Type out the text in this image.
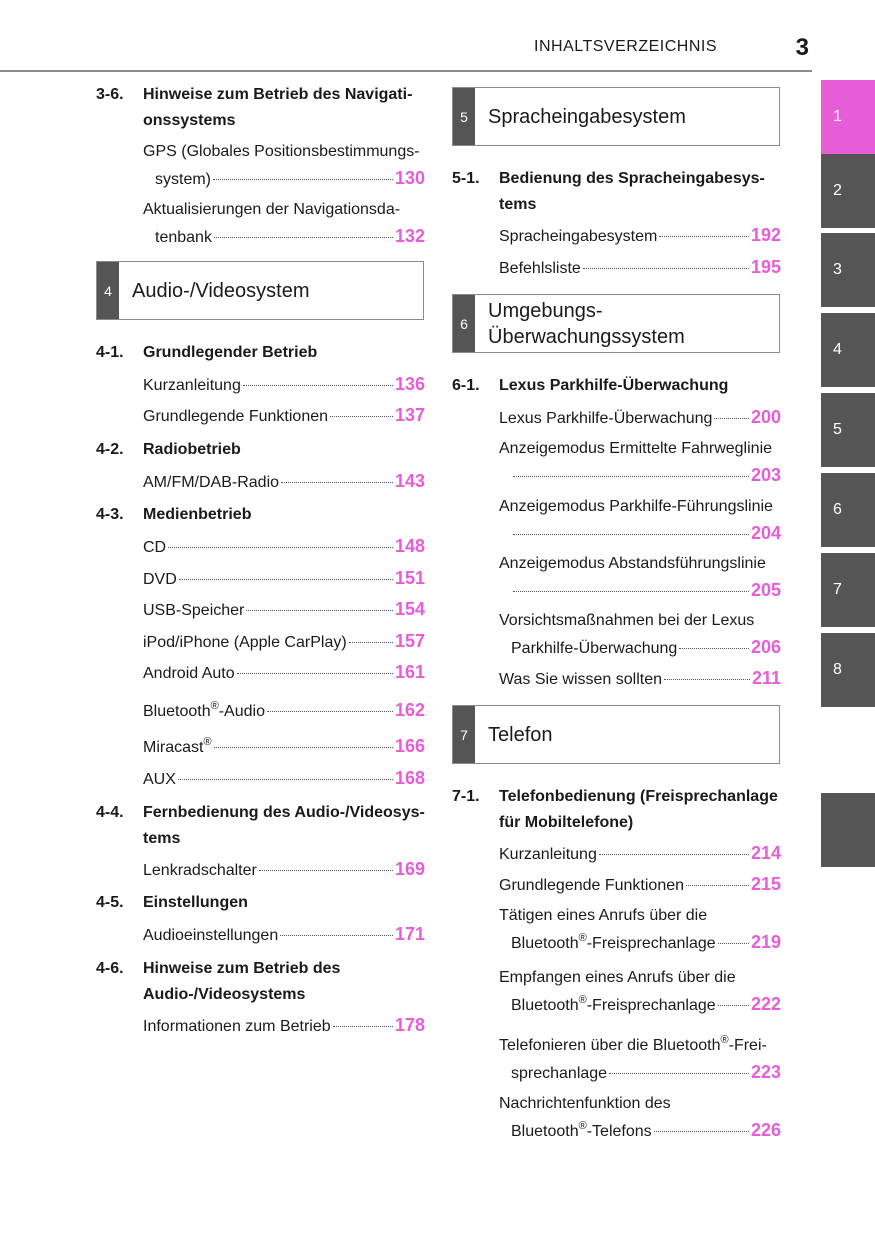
INHALTSVERZEICHNIS	3
1
2
3
4
5
6
7
8
3-6. Hinweise zum Betrieb des Navigati-onssystems
GPS (Globales Positionsbestimmungs-
system)	130
Aktualisierungen der Navigationsda-
tenbank	132
4	Audio-/Videosystem
4-1. Grundlegender Betrieb
Kurzanleitung	136
Grundlegende Funktionen	137
4-2. Radiobetrieb
AM/FM/DAB-Radio	143
4-3. Medienbetrieb
CD	148
DVD	151
USB-Speicher	154
iPod/iPhone (Apple CarPlay)	157
Android Auto	161
Bluetooth®-Audio	162
Miracast®	166
AUX	168
4-4. Fernbedienung des Audio-/Videosys-tems
Lenkradschalter	169
4-5. Einstellungen
Audioeinstellungen	171
4-6. Hinweise zum Betrieb des Audio-/Videosystems
Informationen zum Betrieb	178
5	Spracheingabesystem
5-1. Bedienung des Spracheingabesys-tems
Spracheingabesystem	192
Befehlsliste	195
6
Umgebungs-Überwachungssystem
6-1. Lexus Parkhilfe-Überwachung
Lexus Parkhilfe-Überwachung 200
Anzeigemodus Ermittelte Fahrweglinie
203
Anzeigemodus Parkhilfe-Führungslinie
204
Anzeigemodus Abstandsführungslinie
205
Vorsichtsmaßnahmen bei der Lexus
Parkhilfe-Überwachung	206
Was Sie wissen sollten	211
7	Telefon
7-1. Telefonbedienung (Freisprechanlage für Mobiltelefone)
Kurzanleitung	214
Grundlegende Funktionen	215
Tätigen eines Anrufs über die
Bluetooth®-Freisprechanlage 219
Empfangen eines Anrufs über die
Bluetooth®-Freisprechanlage 222
Telefonieren über die Bluetooth®-Frei-
sprechanlage	223
Nachrichtenfunktion des
Bluetooth®-Telefons	226
